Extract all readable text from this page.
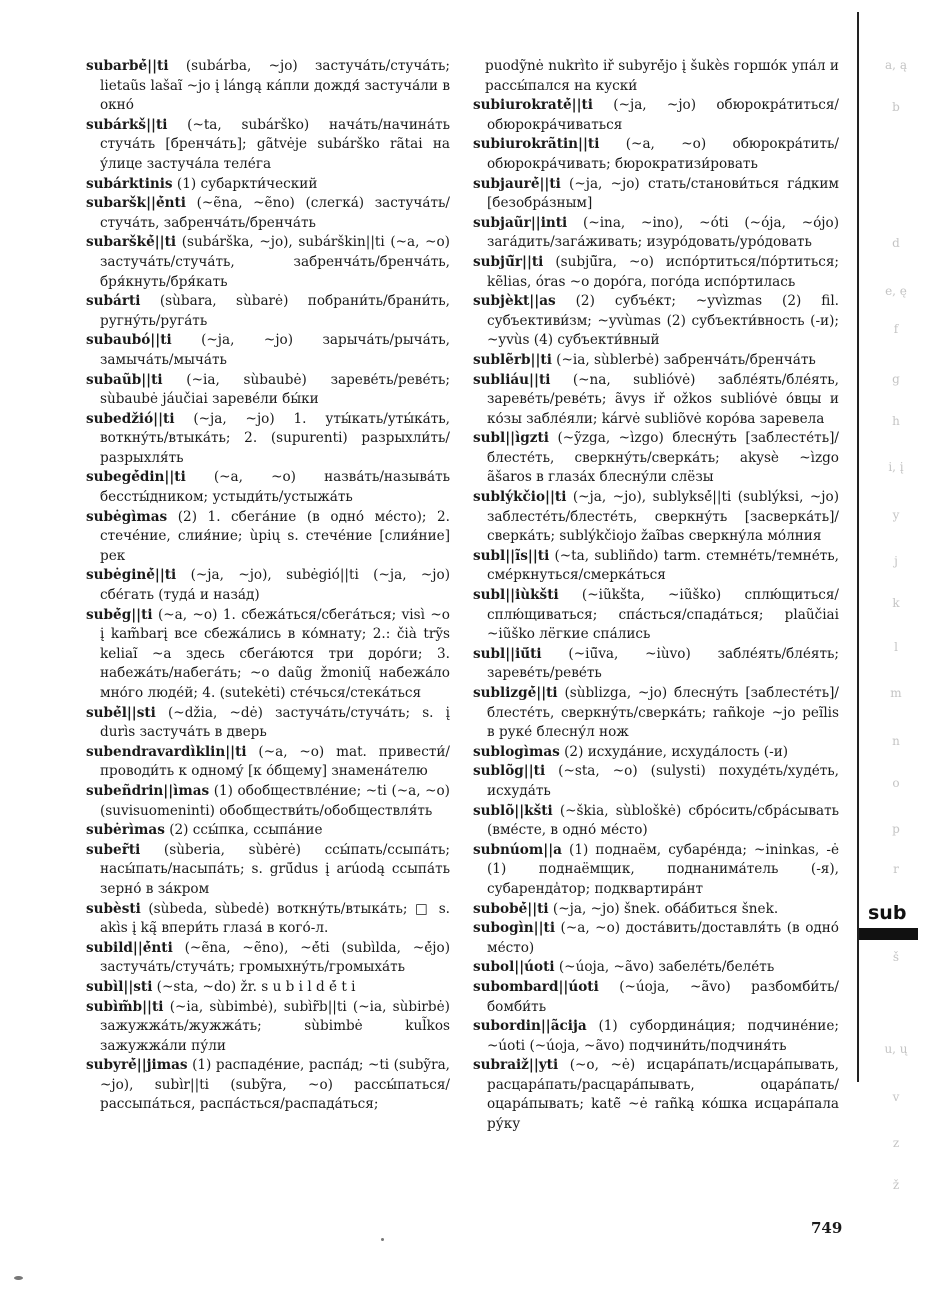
subarbė́||ti (subárba, ~jo) застуча́ть/стуча́ть; lietaũs lašaĩ ~jo į lángą ка́пли дождя́ застуча́ли в окно́

subárkš||ti (~ta, subárško) нача́ть/начина́ть стуча́ть [бренча́ть]; gãtvėje subárško rãtai на у́лице застуча́ла теле́га

subárktinis (1) субаркти́ческий

subaršk||ė́nti (~ẽna, ~ẽno) (слегка́) застуча́ть/стуча́ть, забренча́ть/бренча́ть

subarškė́||ti (subárška, ~jo), subárškin||ti (~a, ~o) застуча́ть/стуча́ть, забренча́ть/бренча́ть, бря́кнуть/бря́кать

subárti (sùbara, sùbarė) побрани́ть/брани́ть, ругну́ть/руга́ть

subaubó||ti (~ja, ~jo) зарыча́ть/рыча́ть, замыча́ть/мыча́ть

subaũb||ti (~ia, sùbaubė) зареве́ть/реве́ть; sùbaubė jáučiai зареве́ли бы́ки

subedžió||ti (~ja, ~jo) 1. уты́кать/уты́ка́ть, воткну́ть/втыка́ть; 2. (supurenti) разрыхли́ть/разрыхля́ть

subegė́din||ti (~a, ~o) назва́ть/называ́ть бессты́дником; устыди́ть/устыжа́ть

subėgìmas (2) 1. сбега́ние (в одно́ ме́сто); 2. стече́ние, слия́ние; ùpių s. стече́ние [слия́ние] рек

subėginė́||ti (~ja, ~jo), subėgió||ti (~ja, ~jo) сбе́гать (туда́ и наза́д)

subė́g||ti (~a, ~o) 1. сбежа́ться/сбега́ться; visì ~o į kam̃barį все сбежа́лись в ко́мнату; 2.: čià trỹs keliaĩ ~a здесь сбега́ются три доро́ги; 3. набежа́ть/набега́ть; ~o daũg žmonių̃ набежа́ло мно́го люде́й; 4. (sutekėti) сте́чься/стека́ться

subė́l||sti (~džia, ~dė) застуча́ть/стуча́ть; s. į durìs застуча́ть в дверь

subendravardìklin||ti (~a, ~o) mat. привести́/проводи́ть к одному́ [к о́бщему] знамена́телю

subeñdrin||ìmas (1) обобществле́ние; ~ti (~a, ~o) (suvisuomeninti) обобществи́ть/обобществля́ть

subėrìmas (2) ссы́пка, ссыпа́ние

suber̃ti (sùberia, sùbėrė) ссы́пать/ссыпа́ть; насы́пать/насыпа́ть; s. grū́dus į arúodą ссыпа́ть зерно́ в за́кром

subèsti (sùbeda, sùbedė) воткну́ть/втыка́ть; □ s. akìs į ką̃ впери́ть глаза́ в кого́-л.

subild||ė́nti (~ẽna, ~ẽno), ~ė́ti (subìlda, ~ė́jo) застуча́ть/стуча́ть; громыхну́ть/громыха́ть

subìl||sti (~sta, ~do) žr. s u b i l d ė́ t i

subìm̃b||ti (~ia, sùbimbė), subìr̃b||ti (~ia, sùbirbė) зажужжа́ть/жужжа́ть; sùbimbė kul̃kos зажужжа́ли пу́ли

subyrė́||jimas (1) распаде́ние, распа́д; ~ti (subỹra, ~jo), subìr||ti (subỹra, ~o) рассы́паться/рассыпа́ться, распа́сться/распада́ться;

puodỹnė nukrìto iř subyrė́jo į šukès горшо́к упа́л и рассы́пался на куски́

subiurokratė́||ti (~ja, ~jo) обюрокра́титься/обюрокра́чиваться

subiurokrãtin||ti (~a, ~o) обюрокра́тить/обюрокра́чивать; бюрократизи́ровать

subjaurė́||ti (~ja, ~jo) стать/станови́ться га́дким [безобра́зным]

subjaũr||inti (~ina, ~ino), ~óti (~ója, ~ójo) зага́дить/зага́живать; изуро́довать/уро́довать

subjū̃r||ti (subjū̃ra, ~o) испо́ртиться/по́ртиться; kẽlias, óras ~o доро́га, пого́да испо́ртилась

subjèkt||as (2) субъе́кт; ~yvìzmas (2) fil. субъективи́зм; ~yvùmas (2) субъекти́вность (-и); ~yvùs (4) субъекти́вный

sublẽrb||ti (~ia, sùblerbė) забренча́ть/бренча́ть

subliáu||ti (~na, sublióvė) забле́ять/бле́ять, зареве́ть/реве́ть; ãvys iř ožkos sublióvė о́вцы и ко́зы забле́яли; kárvė subliõvė коро́ва заревела

subl||ìgzti (~ỹzga, ~ìzgo) блесну́ть [заблесте́ть]/блесте́ть, сверкну́ть/сверка́ть; akysè ~ìzgo ãšaros в глаза́х блесну́ли слёзы

sublýkčio||ti (~ja, ~jo), sublyksė́||ti (sublýksi, ~jo) заблесте́ть/блесте́ть, сверкну́ть [засверка́ть]/сверка́ть; sublýkčiojo žaĩbas сверкну́ла мо́лния

subl||ĩs||ti (~ta, subliñdo) tarm. стемне́ть/темне́ть, сме́ркнуться/смерка́ться

subl||iùkšti (~iũkšta, ~iũško) сплю́щиться/сплю́щиваться; спа́сться/спада́ться; plaũčiai ~iũško лёгкие спа́лись

subl||iū́ti (~iū̃va, ~iùvo) забле́ять/бле́ять; зареве́ть/реве́ть

sublizgė́||ti (sùblizga, ~jo) блесну́ть [заблесте́ть]/блесте́ть, сверкну́ть/сверка́ть; rañkoje ~jo peĩlis в руке́ блесну́л нож

sublogìmas (2) исхуда́ние, исхуда́лость (-и)

sublõg||ti (~sta, ~o) (sulysti) похуде́ть/худе́ть, исхуда́ть

sublõ||kšti (~škia, sùbloškė) сбро́сить/сбра́сывать (вме́сте, в одно́ ме́сто)

subnúom||a (1) поднаём, субаре́нда; ~ininkas, -ė (1) поднаёмщик, поднанима́тель (-я), субарендa̍тор; подквартира́нт

subobė́||ti (~ja, ~jo) šnek. оба́биться šnek.

subogìn||ti (~a, ~o) доста́вить/доставля́ть (в одно́ ме́сто)

subol||úoti (~úoja, ~ãvo) забеле́ть/беле́ть

subombard||úoti (~úoja, ~ãvo) разбомби́ть/бомби́ть

subordin||ãcija (1) субордина́ция; подчине́ние; ~úoti (~úoja, ~ãvo) подчини́ть/подчиня́ть

subraiž||yti (~o, ~ė) исцара́пать/исцара́пывать, расцара́пать/расцара́пывать, оцара́пать/оцара́пывать; katė̃ ~ė rañką ко́шка исцара́пала ру́ку

a, ą
b
d
e, ę
f
g
h
i, į
y
j
k
l
m
n
o
p
r
š
u, ų
v
z
ž
sub
749
